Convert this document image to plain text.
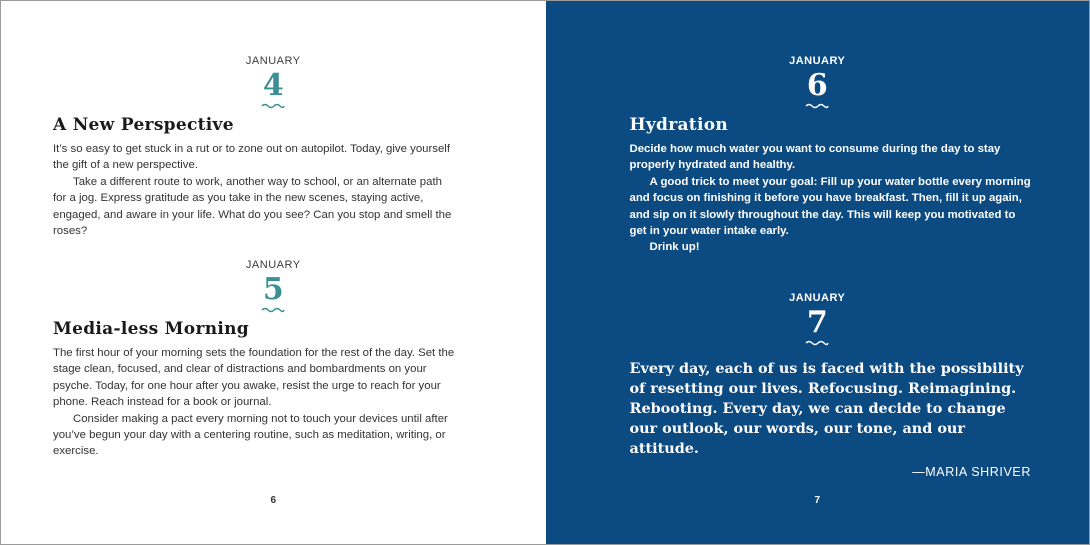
JANUARY
4
A New Perspective

It’s so easy to get stuck in a rut or to zone out on autopilot. Today, give yourself the gift of a new perspective.

Take a different route to work, another way to school, or an alternate path for a jog. Express gratitude as you take in the new scenes, staying active, engaged, and aware in your life. What do you see? Can you stop and smell the roses?

JANUARY
5
Media-less Morning

The first hour of your morning sets the foundation for the rest of the day. Set the stage clean, focused, and clear of distractions and bombardments on your psyche. Today, for one hour after you awake, resist the urge to reach for your phone. Reach instead for a book or journal.

Consider making a pact every morning not to touch your devices until after you’ve begun your day with a centering routine, such as meditation, writing, or exercise.

6
JANUARY
6
Hydration

Decide how much water you want to consume during the day to stay properly hydrated and healthy.

A good trick to meet your goal: Fill up your water bottle every morning and focus on finishing it before you have breakfast. Then, fill it up again, and sip on it slowly throughout the day. This will keep you motivated to get in your water intake early.

Drink up!

JANUARY
7
Every day, each of us is faced with the possibility of resetting our lives. Refocusing. Reimagining. Rebooting. Every day, we can decide to change our outlook, our words, our tone, and our attitude.
—MARIA SHRIVER
7
